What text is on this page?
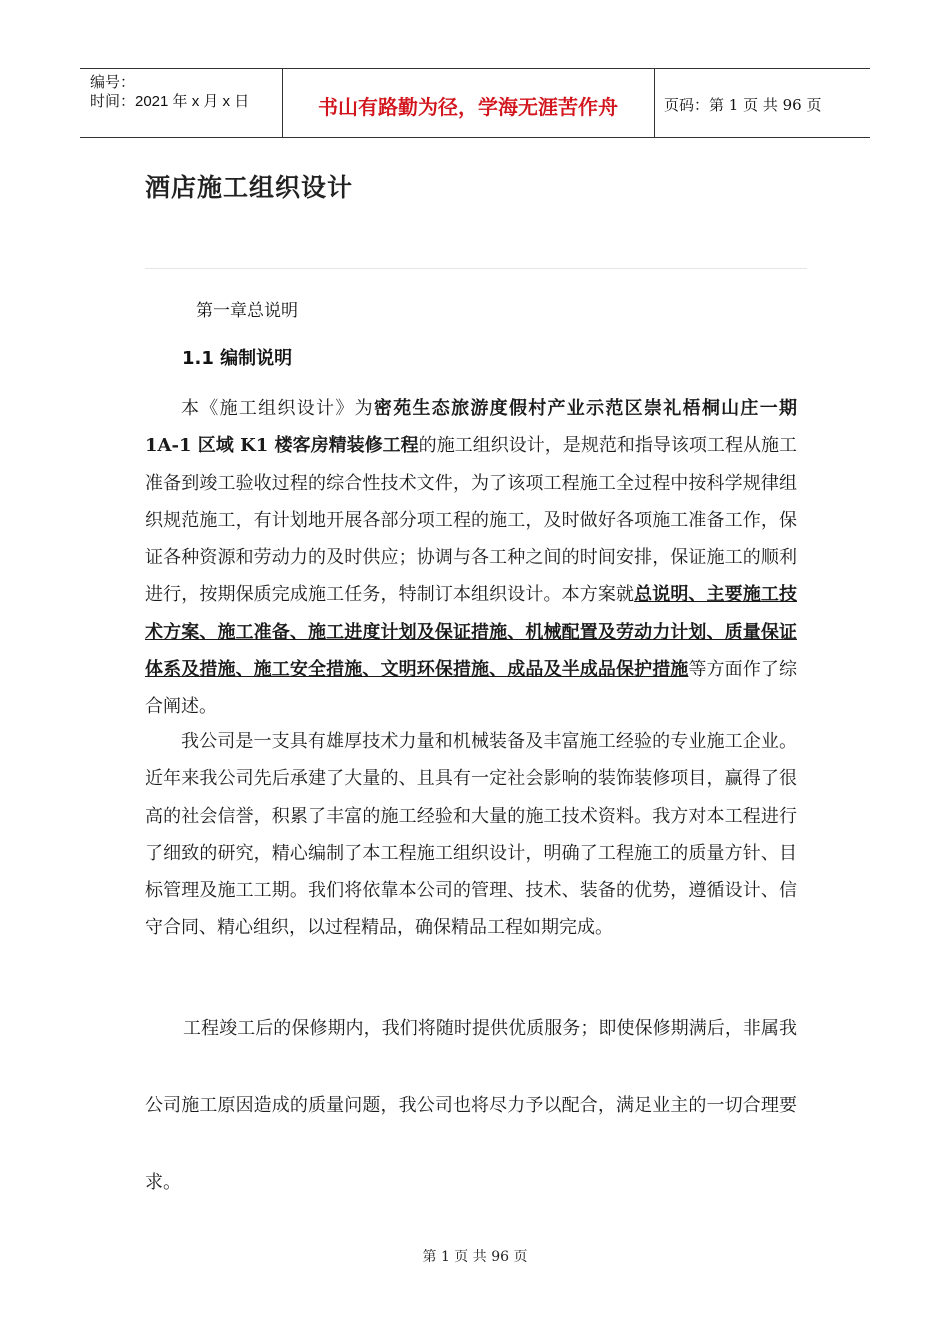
编号：
时间：2021 年 x 月 x 日	书山有路勤为径，学海无涯苦作舟	页码：第 1 页 共 96 页
酒店施工组织设计
第一章总说明
1.1 编制说明
本《施工组织设计》为密苑生态旅游度假村产业示范区崇礼梧桐山庄一期 1A-1 区域 K1 楼客房精装修工程的施工组织设计，是规范和指导该项工程从施工准备到竣工验收过程的综合性技术文件，为了该项工程施工全过程中按科学规律组织规范施工，有计划地开展各部分项工程的施工，及时做好各项施工准备工作，保证各种资源和劳动力的及时供应；协调与各工种之间的时间安排，保证施工的顺利进行，按期保质完成施工任务，特制订本组织设计。本方案就总说明、主要施工技术方案、施工准备、施工进度计划及保证措施、机械配置及劳动力计划、质量保证体系及措施、施工安全措施、文明环保措施、成品及半成品保护措施等方面作了综合阐述。
我公司是一支具有雄厚技术力量和机械装备及丰富施工经验的专业施工企业。近年来我公司先后承建了大量的、且具有一定社会影响的装饰装修项目，赢得了很高的社会信誉，积累了丰富的施工经验和大量的施工技术资料。我方对本工程进行了细致的研究，精心编制了本工程施工组织设计，明确了工程施工的质量方针、目标管理及施工工期。我们将依靠本公司的管理、技术、装备的优势，遵循设计、信守合同、精心组织，以过程精品，确保精品工程如期完成。
工程竣工后的保修期内，我们将随时提供优质服务；即使保修期满后，非属我公司施工原因造成的质量问题，我公司也将尽力予以配合，满足业主的一切合理要求。
第 1 页 共 96 页
